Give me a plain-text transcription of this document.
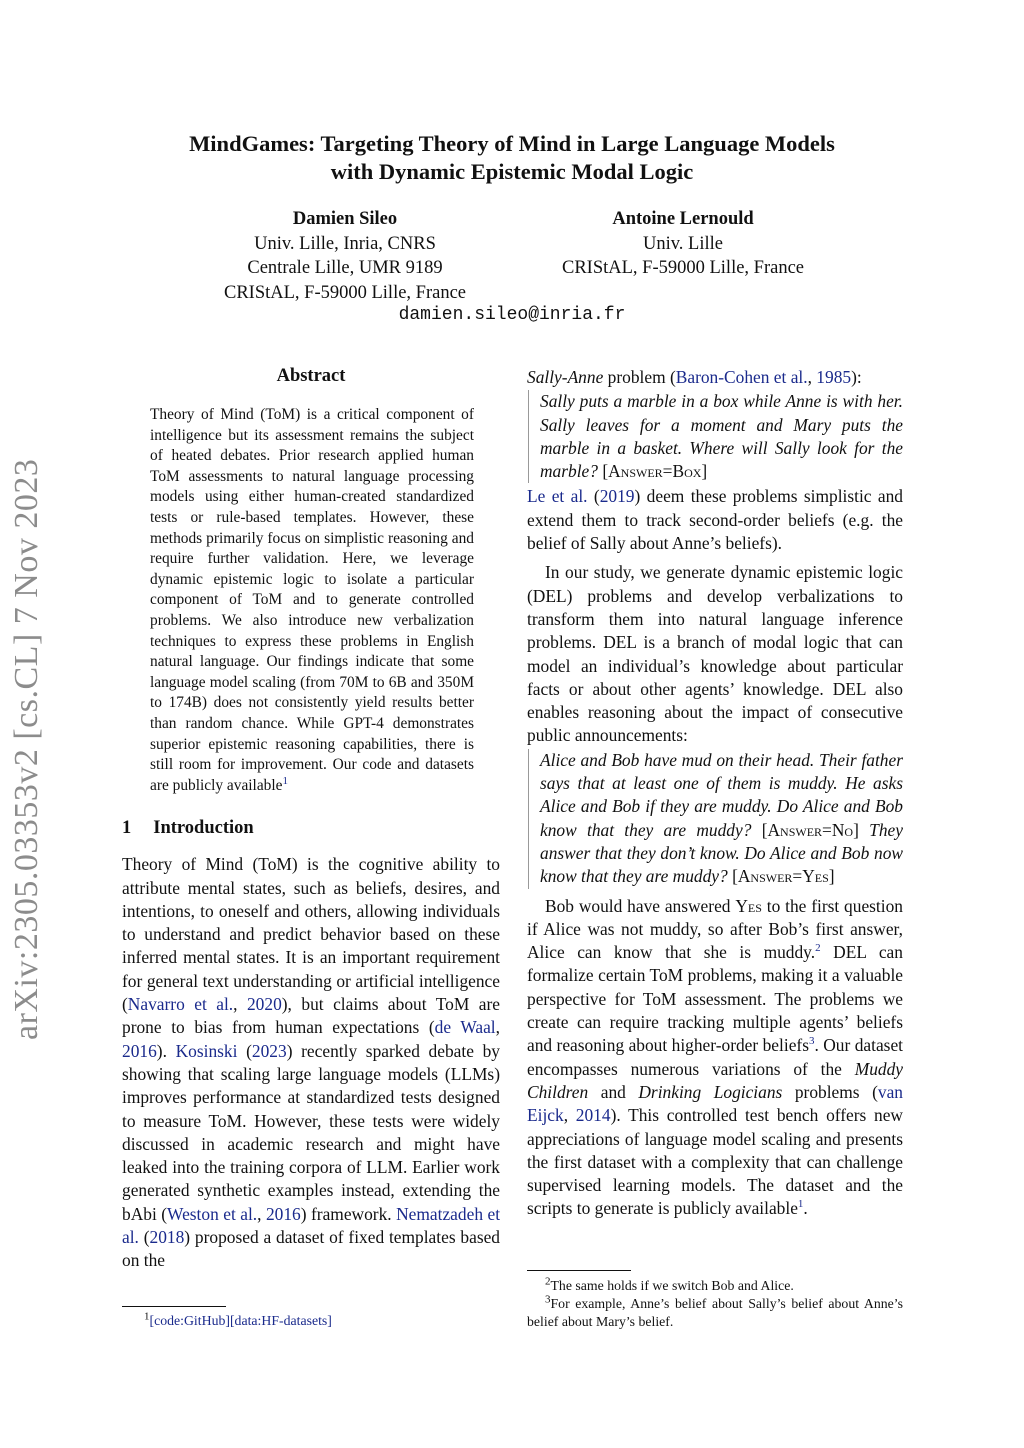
arXiv:2305.03353v2 [cs.CL] 7 Nov 2023
MindGames: Targeting Theory of Mind in Large Language Models
with Dynamic Epistemic Modal Logic
Damien Sileo
Univ. Lille, Inria, CNRS
Centrale Lille, UMR 9189
CRIStAL, F-59000 Lille, France
Antoine Lernould
Univ. Lille
CRIStAL, F-59000 Lille, France
damien.sileo@inria.fr
Abstract
Theory of Mind (ToM) is a critical component of intelligence but its assessment remains the subject of heated debates. Prior research applied human ToM assessments to natural language processing models using either human-created standardized tests or rule-based templates. However, these methods primarily focus on simplistic reasoning and require further validation. Here, we leverage dynamic epistemic logic to isolate a particular component of ToM and to generate controlled problems. We also introduce new verbalization techniques to express these problems in English natural language. Our findings indicate that some language model scaling (from 70M to 6B and 350M to 174B) does not consistently yield results better than random chance. While GPT-4 demonstrates superior epistemic reasoning capabilities, there is still room for improvement. Our code and datasets are publicly available$^1$
1 Introduction

Theory of Mind (ToM) is the cognitive ability to attribute mental states, such as beliefs, desires, and intentions, to oneself and others, allowing individuals to understand and predict behavior based on these inferred mental states. It is an important requirement for general text understanding or artificial intelligence (Navarro et al., 2020), but claims about ToM are prone to bias from human expectations (de Waal, 2016). Kosinski (2023) recently sparked debate by showing that scaling large language models (LLMs) improves performance at standardized tests designed to measure ToM. However, these tests were widely discussed in academic research and might have leaked into the training corpora of LLM. Earlier work generated synthetic examples instead, extending the bAbi (Weston et al., 2016) framework. Nematzadeh et al. (2018) proposed a dataset of fixed templates based on the

$^1$[code:GitHub][data:HF-datasets]

Sally-Anne problem (Baron-Cohen et al., 1985):

Sally puts a marble in a box while Anne is with her. Sally leaves for a moment and Mary puts the marble in a basket. Where will Sally look for the marble? [Answer=Box]

Le et al. (2019) deem these problems simplistic and extend them to track second-order beliefs (e.g. the belief of Sally about Anne’s beliefs).

In our study, we generate dynamic epistemic logic (DEL) problems and develop verbalizations to transform them into natural language inference problems. DEL is a branch of modal logic that can model an individual’s knowledge about particular facts or about other agents’ knowledge. DEL also enables reasoning about the impact of consecutive public announcements:

Alice and Bob have mud on their head. Their father says that at least one of them is muddy. He asks Alice and Bob if they are muddy. Do Alice and Bob know that they are muddy? [Answer=No] They answer that they don’t know. Do Alice and Bob now know that they are muddy? [Answer=Yes]

Bob would have answered Yes to the first question if Alice was not muddy, so after Bob’s first answer, Alice can know that she is muddy.$^2$ DEL can formalize certain ToM problems, making it a valuable perspective for ToM assessment. The problems we create can require tracking multiple agents’ beliefs and reasoning about higher-order beliefs$^3$. Our dataset encompasses numerous variations of the Muddy Children and Drinking Logicians problems (van Eijck, 2014). This controlled test bench offers new appreciations of language model scaling and presents the first dataset with a complexity that can challenge supervised learning models. The dataset and the scripts to generate is publicly available$^1$.

$^2$The same holds if we switch Bob and Alice.

$^3$For example, Anne’s belief about Sally’s belief about Anne’s belief about Mary’s belief.
